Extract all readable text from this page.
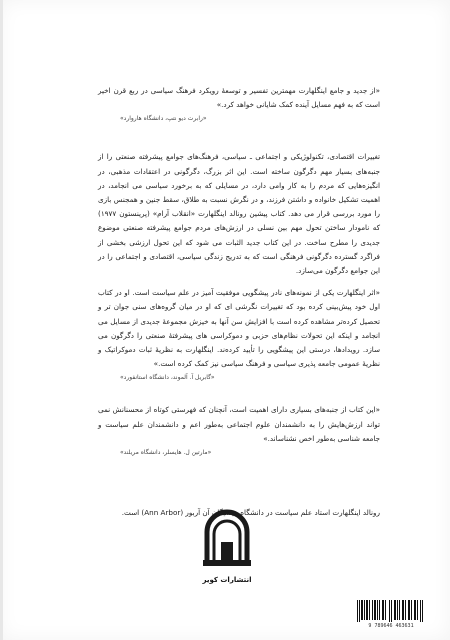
«از جدید و جامع اینگلهارت مهمترین تفسیر و توسعهٔ رویکرد فرهنگ سیاسی در ربع قرن اخیر است که به فهم مسایل آینده کمک شایانی خواهد کرد.»

«رابرت دیو نتپ، دانشگاه هاروارد»

تغییرات اقتصادی، تکنولوژیکی و اجتماعی ـ سیاسی، فرهنگ‌های جوامع پیشرفته صنعتی را از جنبه‌های بسیار مهم دگرگون ساخته است. این اثر بزرگ، دگرگونی در اعتقادات مذهبی، در انگیزه‌هایی که مردم را به کار وامی دارد، در مسایلی که به برخورد سیاسی می انجامد، در اهمیت تشکیل خانواده و داشتن فرزند، و در نگرش نسبت به طلاق، سقط جنین و همجنس بازی را مورد بررسی قرار می دهد. کتاب پیشین رونالد اینگلهارت «انقلاب آرام» (پرینستون ۱۹۷۷) که نامودار ساختن تحول مهم بین نسلی در ارزش‌های مردم جوامع پیشرفته صنعتی موضوع جدیدی را مطرح ساخت. در این کتاب جدید الثبات می شود که این تحول ارزشی بخشی از فراگرد گسترده دگرگونی فرهنگی است که به تدریج زندگی سیاسی، اقتصادی و اجتماعی را در این جوامع دگرگون می‌سازد.

«اثر اینگلهارت یکی از نمونه‌های نادر پیشگویی موفقیت آمیز در علم سیاست است. او در کتاب اول خود پیش‌بینی کرده بود که تغییرات نگرشی ای که او در میان گروه‌های سنی جوان تر و تحصیل کرده‌تر مشاهده کرده است با افزایش سن آنها به خیزش مجموعهٔ جدیدی از مسایل می انجامد و اینکه این تحولات نظام‌های حزبی و دموکراسی های پیشرفتهٔ صنعتی را دگرگون می سازد. رویدادها، درستی این پیشگویی را تأیید کرده‌ند. اینگلهارت به نظریهٔ ثبات دموکراتیک و نظریهٔ عمومی جامعه پذیری سیاسی و فرهنگ سیاسی نیز کمک کرده است.»

«گابریل آ. آلموند، دانشگاه استانفورد»

«این کتاب از جنبه‌های بسیاری دارای اهمیت است، آنچنان که فهرستی کوتاه از محسنانش نمی تواند ارزش‌هایش را به دانشمندان علوم اجتماعی به‌طور اعم و دانشمندان علم سیاست و جامعه شناسی به‌طور اخص نشناساند.»

«مارتین ل. هایسلر، دانشگاه مریلند»

رونالد اینگلهارت استاد علم سیاست در دانشگاه میشیگان آن آربور (Ann Arbor) است.

انتشارات کویر
9 789646 463631
